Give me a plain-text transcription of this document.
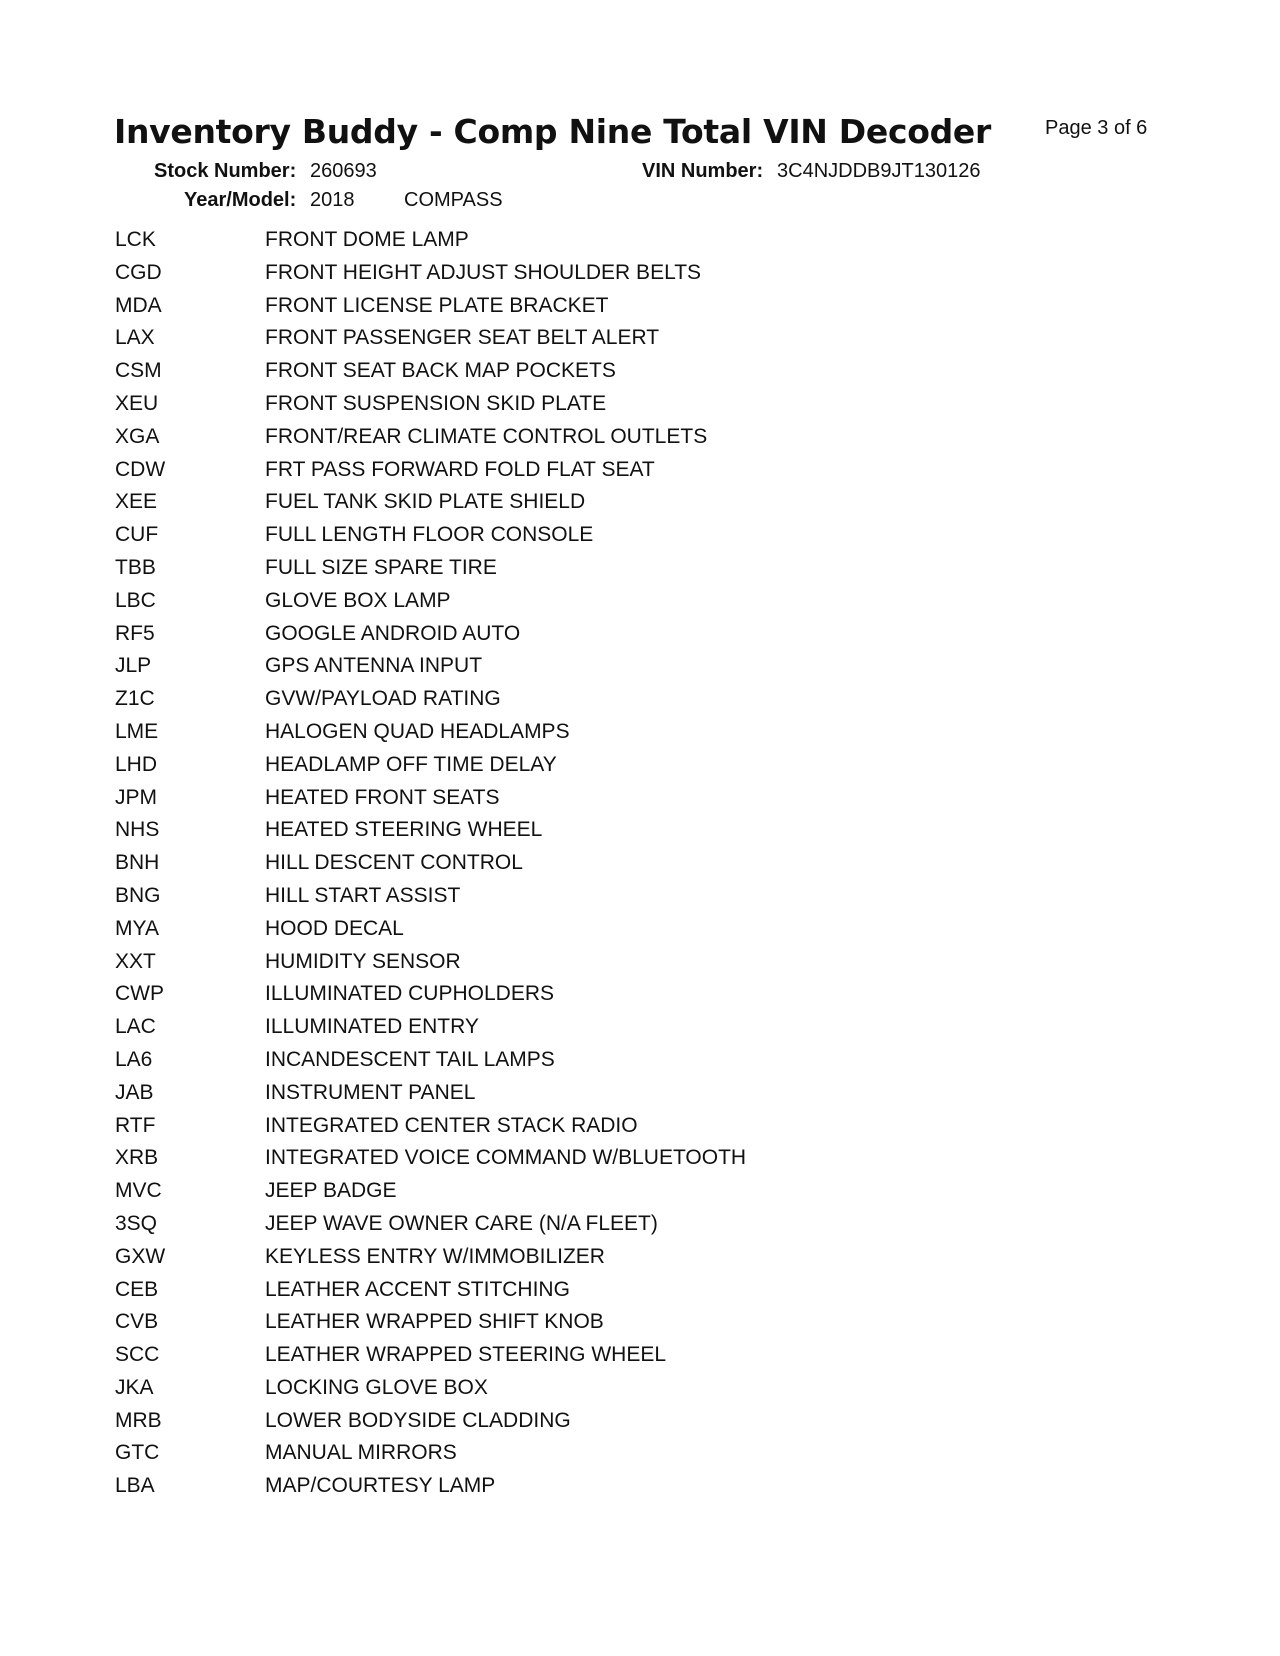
Inventory Buddy - Comp Nine Total VIN Decoder	Page 3 of 6
Stock Number: 260693	VIN Number: 3C4NJDDB9JT130126
Year/Model: 2018 COMPASS
LCK	FRONT DOME LAMP
CGD	FRONT HEIGHT ADJUST SHOULDER BELTS
MDA	FRONT LICENSE PLATE BRACKET
LAX	FRONT PASSENGER SEAT BELT ALERT
CSM	FRONT SEAT BACK MAP POCKETS
XEU	FRONT SUSPENSION SKID PLATE
XGA	FRONT/REAR CLIMATE CONTROL OUTLETS
CDW	FRT PASS FORWARD FOLD FLAT SEAT
XEE	FUEL TANK SKID PLATE SHIELD
CUF	FULL LENGTH FLOOR CONSOLE
TBB	FULL SIZE SPARE TIRE
LBC	GLOVE BOX LAMP
RF5	GOOGLE ANDROID AUTO
JLP	GPS ANTENNA INPUT
Z1C	GVW/PAYLOAD RATING
LME	HALOGEN QUAD HEADLAMPS
LHD	HEADLAMP OFF TIME DELAY
JPM	HEATED FRONT SEATS
NHS	HEATED STEERING WHEEL
BNH	HILL DESCENT CONTROL
BNG	HILL START ASSIST
MYA	HOOD DECAL
XXT	HUMIDITY SENSOR
CWP	ILLUMINATED CUPHOLDERS
LAC	ILLUMINATED ENTRY
LA6	INCANDESCENT TAIL LAMPS
JAB	INSTRUMENT PANEL
RTF	INTEGRATED CENTER STACK RADIO
XRB	INTEGRATED VOICE COMMAND W/BLUETOOTH
MVC	JEEP BADGE
3SQ	JEEP WAVE OWNER CARE (N/A FLEET)
GXW	KEYLESS ENTRY W/IMMOBILIZER
CEB	LEATHER ACCENT STITCHING
CVB	LEATHER WRAPPED SHIFT KNOB
SCC	LEATHER WRAPPED STEERING WHEEL
JKA	LOCKING GLOVE BOX
MRB	LOWER BODYSIDE CLADDING
GTC	MANUAL MIRRORS
LBA	MAP/COURTESY LAMP
